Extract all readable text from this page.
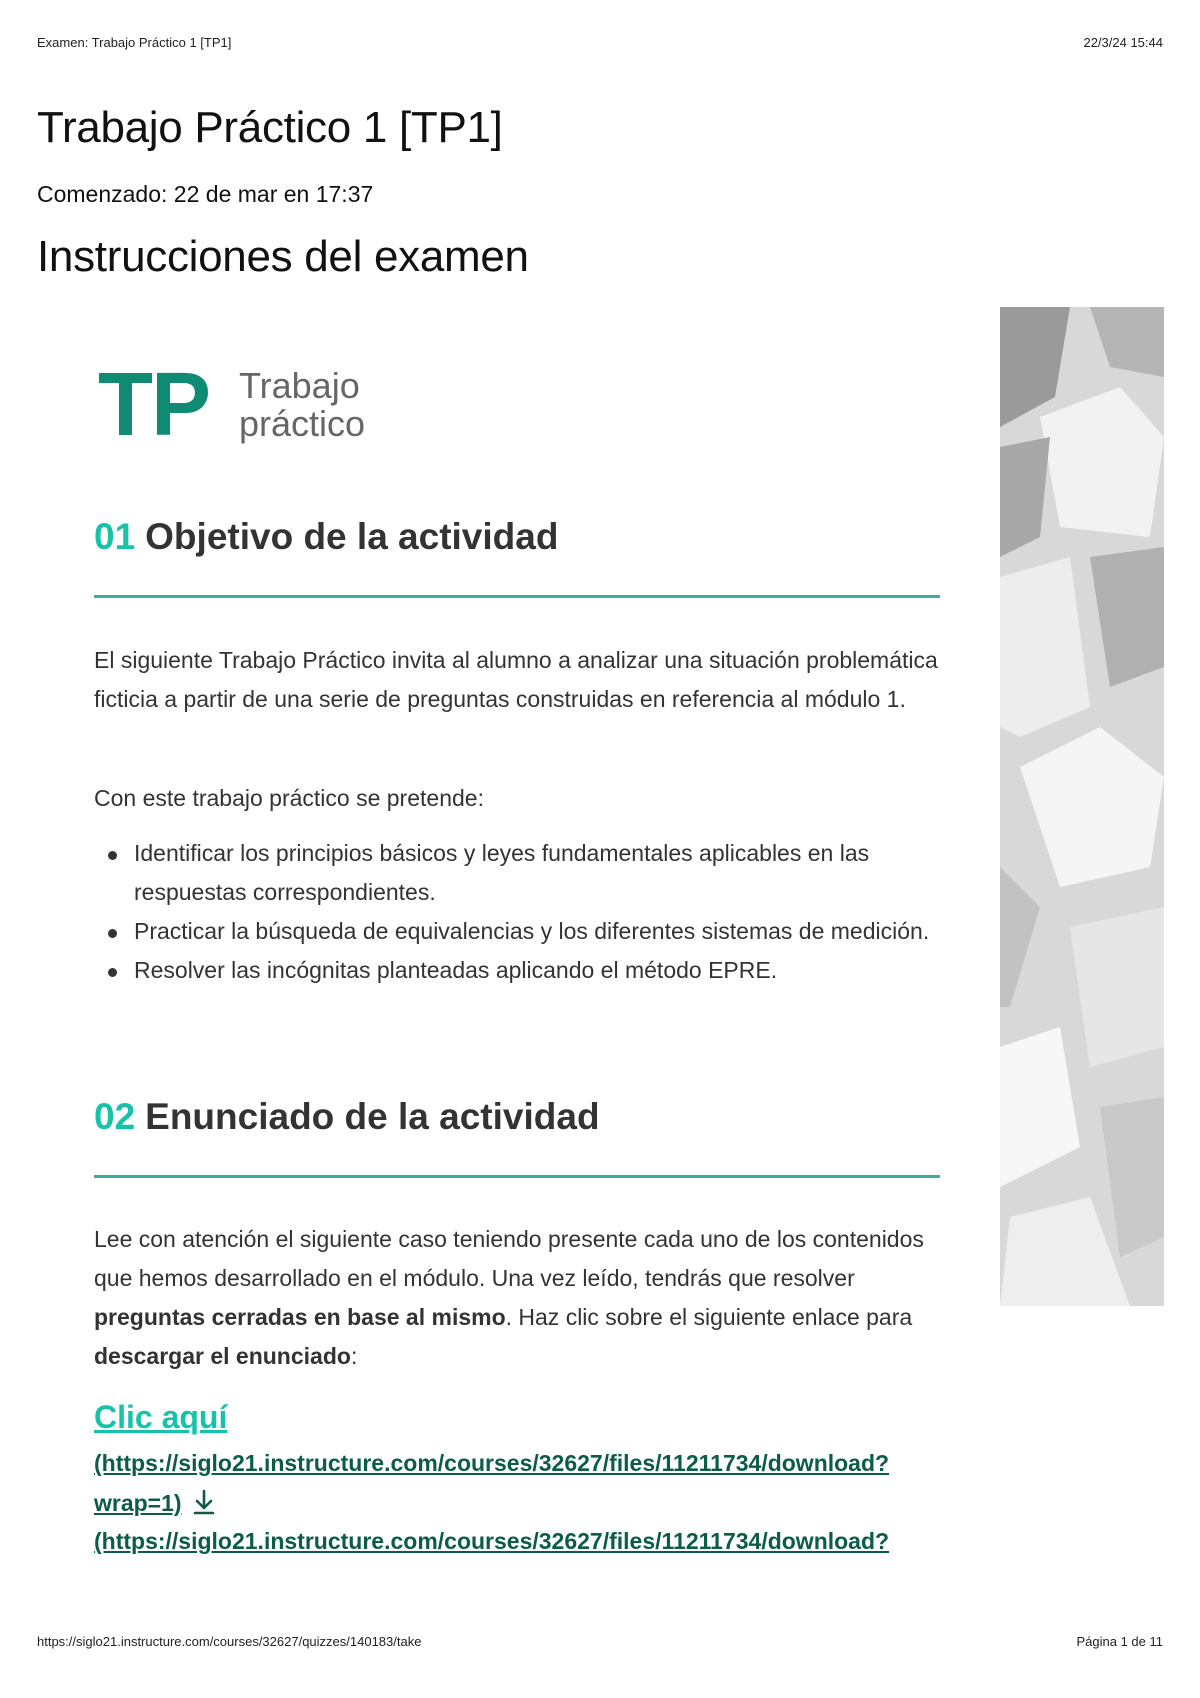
Examen: Trabajo Práctico 1 [TP1]	22/3/24 15:44
Trabajo Práctico 1 [TP1]
Comenzado: 22 de mar en 17:37
Instrucciones del examen
TP Trabajo
práctico
01 Objetivo de la actividad

El siguiente Trabajo Práctico invita al alumno a analizar una situación problemática ficticia a partir de una serie de preguntas construidas en referencia al módulo 1.

Con este trabajo práctico se pretende:

Identificar los principios básicos y leyes fundamentales aplicables en las respuestas correspondientes.
Practicar la búsqueda de equivalencias y los diferentes sistemas de medición.
Resolver las incógnitas planteadas aplicando el método EPRE.
02 Enunciado de la actividad

Lee con atención el siguiente caso teniendo presente cada uno de los contenidos que hemos desarrollado en el módulo. Una vez leído, tendrás que resolver preguntas cerradas en base al mismo. Haz clic sobre el siguiente enlace para descargar el enunciado:

Clic aquí
(https://siglo21.instructure.com/courses/32627/files/11211734/download?
wrap=1)
(https://siglo21.instructure.com/courses/32627/files/11211734/download?
https://siglo21.instructure.com/courses/32627/quizzes/140183/take	Página 1 de 11
